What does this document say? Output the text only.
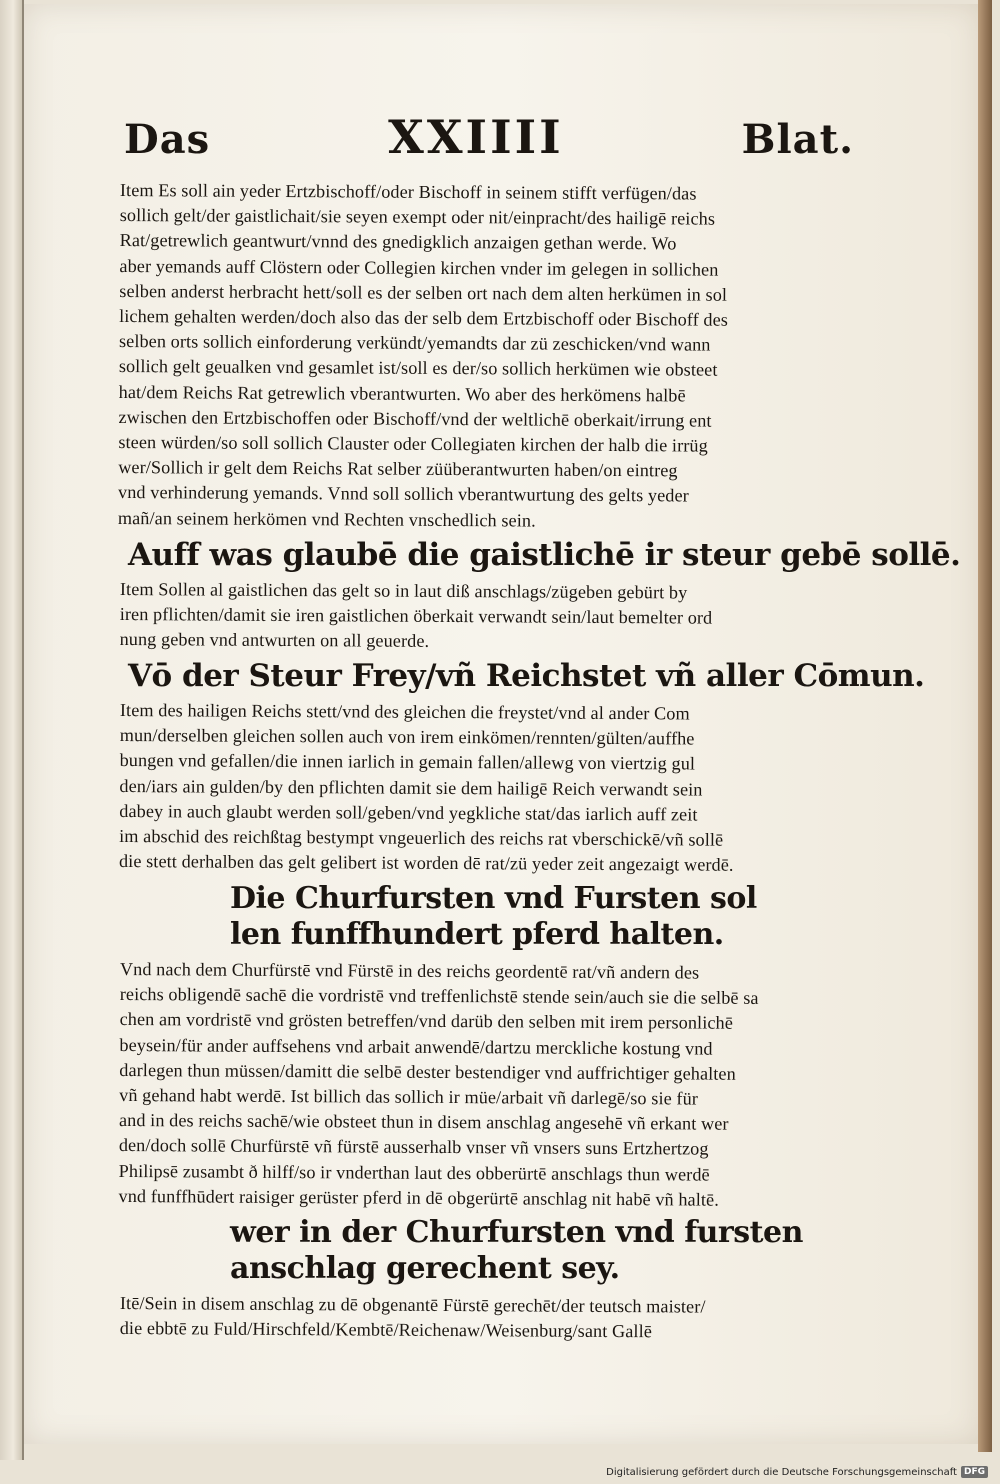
Das	XXIIII	Blat.

Item Es soll ain yeder Ertzbischoff/oder Bischoff in seinem stifft verfügen/das
sollich gelt/der gaistlichait/sie seyen exempt oder nit/einpracht/des hailigē reichs
Rat/getrewlich geantwurt/vnnd des gnedigklich anzaigen gethan werde. Wo
aber yemands auff Clöstern oder Collegien kirchen vnder im gelegen in sollichen
selben anderst herbracht hett/soll es der selben ort nach dem alten herkümen in sol
lichem gehalten werden/doch also das der selb dem Ertzbischoff oder Bischoff des
selben orts sollich einforderung verkündt/yemandts dar zü zeschicken/vnd wann
sollich gelt geualken vnd gesamlet ist/soll es der/so sollich herkümen wie obsteet
hat/dem Reichs Rat getrewlich vberantwurten. Wo aber des herkömens halbē
zwischen den Ertzbischoffen oder Bischoff/vnd der weltlichē oberkait/irrung ent
steen würden/so soll sollich Clauster oder Collegiaten kirchen der halb die irrüg
wer/Sollich ir gelt dem Reichs Rat selber züüberantwurten haben/on eintreg
vnd verhinderung yemands. Vnnd soll sollich vberantwurtung des gelts yeder
mañ/an seinem herkömen vnd Rechten vnschedlich sein.

Auff was glaubē die gaistlichē ir steur gebē sollē.

Item Sollen al gaistlichen das gelt so in laut diß anschlags/zügeben gebürt by
iren pflichten/damit sie iren gaistlichen öberkait verwandt sein/laut bemelter ord
nung geben vnd antwurten on all geuerde.

Vō der Steur Frey/vñ Reichstet vñ aller Cōmun.

Item des hailigen Reichs stett/vnd des gleichen die freystet/vnd al ander Com
mun/derselben gleichen sollen auch von irem einkömen/rennten/gülten/auffhe
bungen vnd gefallen/die innen iarlich in gemain fallen/allewg von viertzig gul
den/iars ain gulden/by den pflichten damit sie dem hailigē Reich verwandt sein
dabey in auch glaubt werden soll/geben/vnd yegkliche stat/das iarlich auff zeit
im abschid des reichßtag bestympt vngeuerlich des reichs rat vberschickē/vñ sollē
die stett derhalben das gelt gelibert ist worden dē rat/zü yeder zeit angezaigt werdē.

Die Churfursten vnd Fursten sol
len funffhundert pferd halten.

Vnd nach dem Churfürstē vnd Fürstē in des reichs geordentē rat/vñ andern des
reichs obligendē sachē die vordristē vnd treffenlichstē stende sein/auch sie die selbē sa
chen am vordristē vnd grösten betreffen/vnd darüb den selben mit irem personlichē
beysein/für ander auffsehens vnd arbait anwendē/dartzu merckliche kostung vnd
darlegen thun müssen/damitt die selbē dester bestendiger vnd auffrichtiger gehalten
vñ gehand habt werdē. Ist billich das sollich ir müe/arbait vñ darlegē/so sie für
and in des reichs sachē/wie obsteet thun in disem anschlag angesehē vñ erkant wer
den/doch sollē Churfürstē vñ fürstē ausserhalb vnser vñ vnsers suns Ertzhertzog
Philipsē zusambt ð hilff/so ir vnderthan laut des obberürtē anschlags thun werdē
vnd funffhūdert raisiger gerüster pferd in dē obgerürtē anschlag nit habē vñ haltē.

wer in der Churfursten vnd fursten
anschlag gerechent sey.

Itē/Sein in disem anschlag zu dē obgenantē Fürstē gerechēt/der teutsch maister/
die ebbtē zu Fuld/Hirschfeld/Kembtē/Reichenaw/Weisenburg/sant Gallē

Digitalisierung gefördert durch die Deutsche Forschungsgemeinschaft DFG
